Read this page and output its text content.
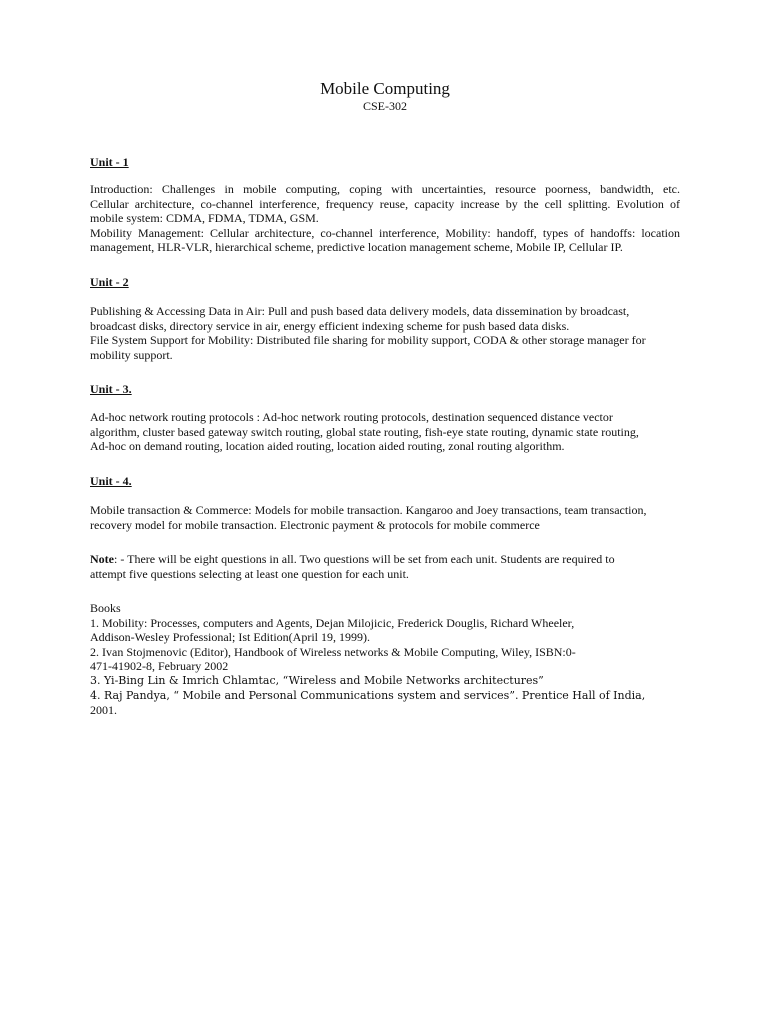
Mobile Computing
CSE-302
Unit - 1
Introduction: Challenges in mobile computing, coping with uncertainties, resource poorness, bandwidth, etc.
Cellular architecture, co-channel interference, frequency reuse, capacity increase by the cell splitting. Evolution of
mobile system: CDMA, FDMA, TDMA, GSM.
Mobility Management: Cellular architecture, co-channel interference, Mobility: handoff, types of handoffs: location
management, HLR-VLR, hierarchical scheme, predictive location management scheme, Mobile IP, Cellular IP.
Unit - 2
Publishing & Accessing Data in Air: Pull and push based data delivery models, data dissemination by broadcast,
broadcast disks, directory service in air, energy efficient indexing scheme for push based data disks.
File System Support for Mobility: Distributed file sharing for mobility support, CODA & other storage manager for
mobility support.
Unit - 3.
Ad-hoc network routing protocols : Ad-hoc network routing protocols, destination sequenced distance vector
algorithm, cluster based gateway switch routing, global state routing, fish-eye state routing, dynamic state routing,
Ad-hoc on demand routing, location aided routing, location aided routing, zonal routing algorithm.
Unit - 4.
Mobile transaction & Commerce: Models for mobile transaction. Kangaroo and Joey transactions, team transaction,
recovery model for mobile transaction. Electronic payment & protocols for mobile commerce
Note: - There will be eight questions in all. Two questions will be set from each unit. Students are required to
attempt five questions selecting at least one question for each unit.
Books
1. Mobility: Processes, computers and Agents, Dejan Milojicic, Frederick Douglis, Richard Wheeler,
Addison-Wesley Professional; Ist Edition(April 19, 1999).
2. Ivan Stojmenovic (Editor), Handbook of Wireless networks & Mobile Computing, Wiley, ISBN:0-
471-41902-8, February 2002
3. Yi-Bing Lin & Imrich Chlamtac, “Wireless and Mobile Networks architectures”
4. Raj Pandya, “ Mobile and Personal Communications system and services”. Prentice Hall of India,
2001.
